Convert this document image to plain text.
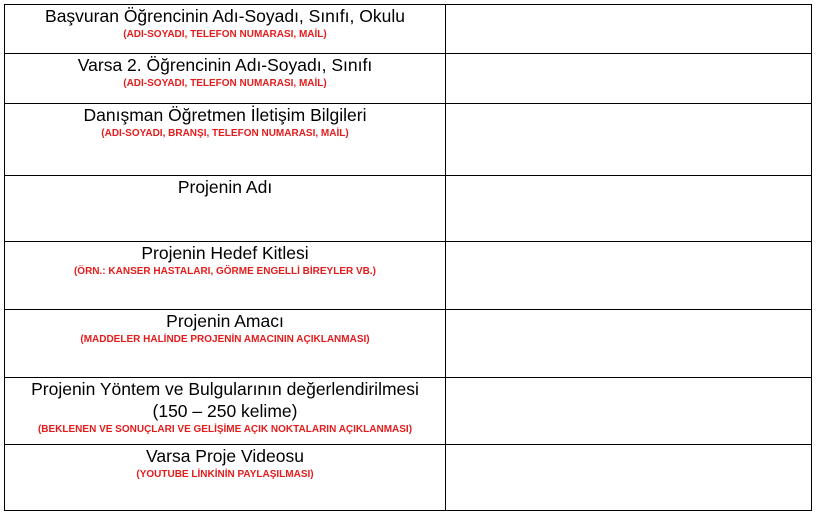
Başvuran Öğrencinin Adı-Soyadı, Sınıfı, Okulu
(ADI-SOYADI, TELEFON NUMARASI, MAİL)	

Varsa 2. Öğrencinin Adı-Soyadı, Sınıfı
(ADI-SOYADI, TELEFON NUMARASI, MAİL)	

Danışman Öğretmen İletişim Bilgileri
(ADI-SOYADI, BRANŞI, TELEFON NUMARASI, MAİL)	

Projenin Adı	

Projenin Hedef Kitlesi
(ÖRN.: KANSER HASTALARI, GÖRME ENGELLİ BİREYLER VB.)	

Projenin Amacı
(MADDELER HALİNDE PROJENİN AMACININ AÇIKLANMASI)	

Projenin Yöntem ve Bulgularının değerlendirilmesi
(150 – 250 kelime)
(BEKLENEN VE SONUÇLARI VE GELİŞİME AÇIK NOKTALARIN AÇIKLANMASI)	

Varsa Proje Videosu
(YOUTUBE LİNKİNİN PAYLAŞILMASI)	
